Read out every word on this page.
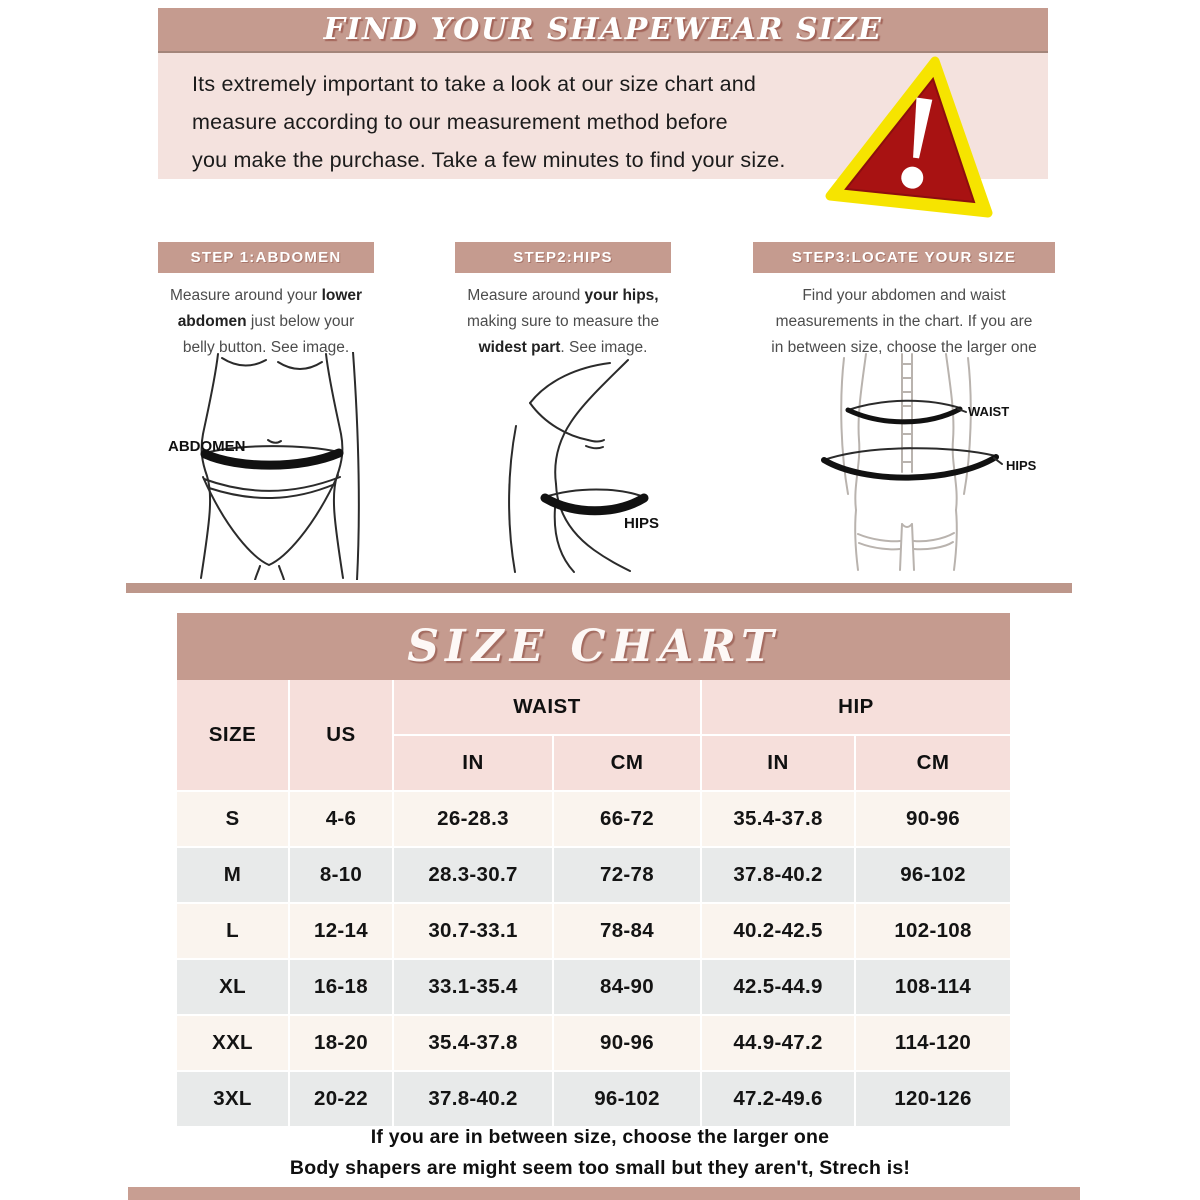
FIND YOUR SHAPEWEAR SIZE
Its extremely important to take a look at our size chart and
measure according to our measurement method before
you make the purchase. Take a few minutes to find your size.
STEP 1:ABDOMEN	STEP2:HIPS	STEP3:LOCATE YOUR SIZE
Measure around your lower
abdomen just below your
belly button. See image.
Measure around your hips,
making sure to measure the
widest part. See image.
Find your abdomen and waist
measurements in the chart. If you are
in between size, choose the larger one
ABDOMEN
HIPS
WAIST
HIPS
SIZE CHART
SIZE	US	WAIST		HIP	
		IN	CM	IN	CM
S	4-6	26-28.3	66-72	35.4-37.8	90-96
M	8-10	28.3-30.7	72-78	37.8-40.2	96-102
L	12-14	30.7-33.1	78-84	40.2-42.5	102-108
XL	16-18	33.1-35.4	84-90	42.5-44.9	108-114
XXL	18-20	35.4-37.8	90-96	44.9-47.2	114-120
3XL	20-22	37.8-40.2	96-102	47.2-49.6	120-126
If you are in between size, choose the larger one
Body shapers are might seem too small but they aren't, Strech is!
